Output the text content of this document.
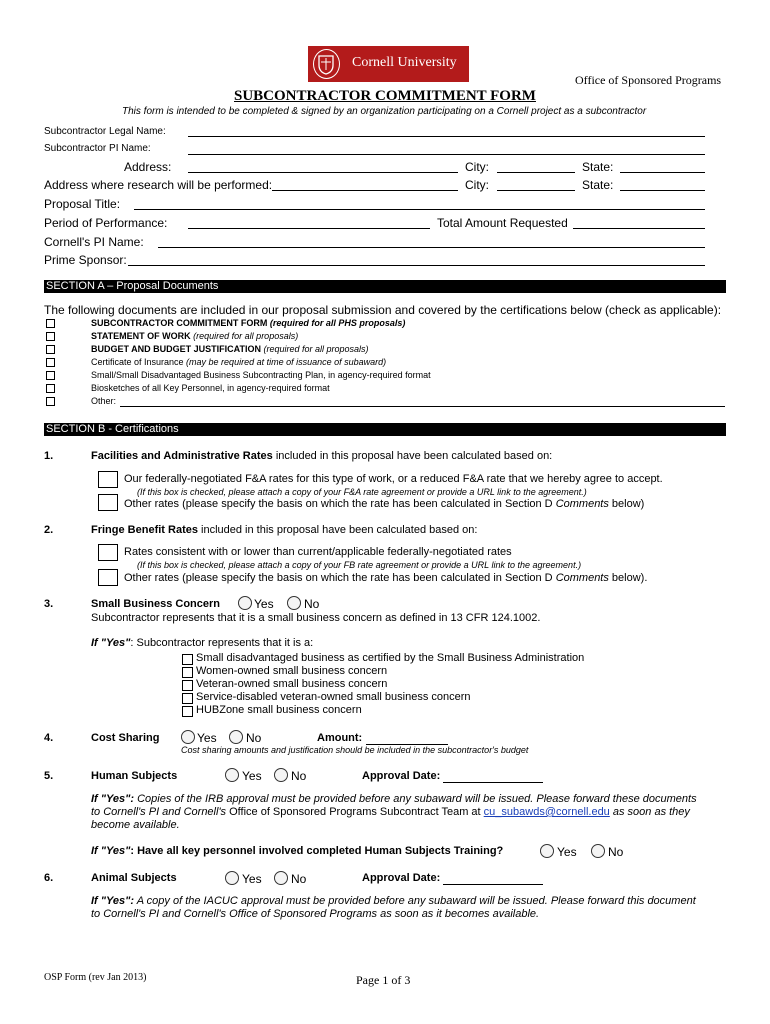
Cornell University
Office of Sponsored Programs
SUBCONTRACTOR COMMITMENT FORM
This form is intended to be completed & signed by an organization participating on a Cornell project as a subcontractor
Subcontractor Legal Name:
Subcontractor PI Name:
Address:	City:	State:
Address where research will be performed:	City:	State:
Proposal Title:
Period of Performance:	Total Amount Requested
Cornell's PI Name:
Prime Sponsor:
SECTION A – Proposal Documents
The following documents are included in our proposal submission and covered by the certifications below (check as applicable):
SUBCONTRACTOR COMMITMENT FORM (required for all PHS proposals)
STATEMENT OF WORK (required for all proposals)
BUDGET AND BUDGET JUSTIFICATION (required for all proposals)
Certificate of Insurance (may be required at time of issuance of subaward)
Small/Small Disadvantaged Business Subcontracting Plan, in agency-required format
Biosketches of all Key Personnel, in agency-required format
Other:
SECTION B - Certifications
1.	Facilities and Administrative Rates included in this proposal have been calculated based on:
Our federally-negotiated F&A rates for this type of work, or a reduced F&A rate that we hereby agree to accept.
(If this box is checked, please attach a copy of your F&A rate agreement or provide a URL link to the agreement.)
Other rates (please specify the basis on which the rate has been calculated in Section D Comments below)
2.	Fringe Benefit Rates included in this proposal have been calculated based on:
Rates consistent with or lower than current/applicable federally-negotiated rates
(If this box is checked, please attach a copy of your FB rate agreement or provide a URL link to the agreement.)
Other rates (please specify the basis on which the rate has been calculated in Section D Comments below).
3.	Small Business Concern	Yes	No
Subcontractor represents that it is a small business concern as defined in 13 CFR 124.1002.
If "Yes": Subcontractor represents that it is a:
Small disadvantaged business as certified by the Small Business Administration
Women-owned small business concern
Veteran-owned small business concern
Service-disabled veteran-owned small business concern
HUBZone small business concern
4.	Cost Sharing	Yes No	Amount:
Cost sharing amounts and justification should be included in the subcontractor's budget
5.	Human Subjects	Yes No	Approval Date:
If "Yes": Copies of the IRB approval must be provided before any subaward will be issued. Please forward these documents
to Cornell's PI and Cornell's Office of Sponsored Programs Subcontract Team at cu_subawds@cornell.edu as soon as they
become available.
If "Yes": Have all key personnel involved completed Human Subjects Training?	Yes	No
6.	Animal Subjects	Yes No	Approval Date:
If "Yes": A copy of the IACUC approval must be provided before any subaward will be issued. Please forward this document
to Cornell's PI and Cornell's Office of Sponsored Programs as soon as it becomes available.
OSP Form (rev Jan 2013)	Page 1 of 3
